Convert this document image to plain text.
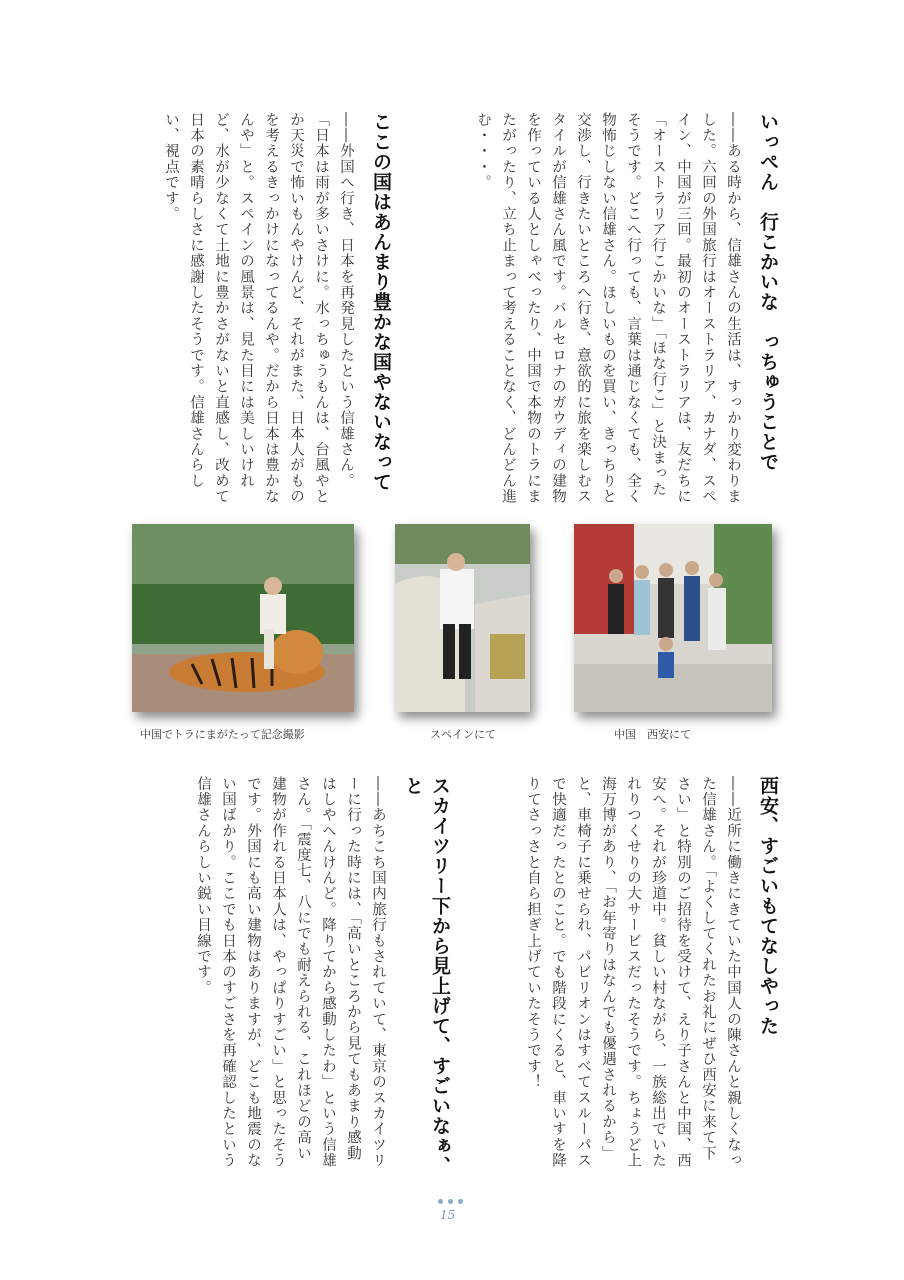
いっぺん　行こかいな　っちゅうことで
――ある時から、信雄さんの生活は、すっかり変わりました。六回の外国旅行はオーストラリア、カナダ、スペイン、中国が三回。最初のオーストラリアは、友だちに「オーストラリア行こかいな」「ほな行こ」と決まったそうです。どこへ行っても、言葉は通じなくても、全く物怖じしない信雄さん。ほしいものを買い、きっちりと交渉し、行きたいところへ行き、意欲的に旅を楽しむスタイルが信雄さん風です。バルセロナのガウディの建物を作っている人としゃべったり、中国で本物のトラにまたがったり、立ち止まって考えることなく、どんどん進む・・・。
ここの国はあんまり豊かな国やないなって
――外国へ行き、日本を再発見したという信雄さん。「日本は雨が多いさけに。水っちゅうもんは、台風やとか天災で怖いもんやけんど、それがまた、日本人がものを考えるきっかけになってるんや。だから日本は豊かなんや」と。スペインの風景は、見た目には美しいけれど、水が少なくて土地に豊かさがないと直感し、改めて日本の素晴らしさに感謝したそうです。信雄さんらしい、視点です。
中国でトラにまがたって記念撮影	スペインにて	中国　西安にて
西安、すごいもてなしやった
――近所に働きにきていた中国人の陳さんと親しくなった信雄さん。「よくしてくれたお礼にぜひ西安に来て下さい」と特別のご招待を受けて、えり子さんと中国、西安へ。それが珍道中。貧しい村ながら、一族総出でいたれりつくせりの大サービスだったそうです。ちょうど上海万博があり、「お年寄りはなんでも優遇されるから」と、車椅子に乗せられ、パビリオンはすべてスルーパスで快適だったとのこと。でも階段にくると、車いすを降りてさっさと自ら担ぎ上げていたそうです！
スカイツリー下から見上げて、すごいなぁ、と
――あちこち国内旅行もされていて、東京のスカイツリーに行った時には、「高いところから見てもあまり感動はしやへんけんど。降りてから感動したわ」という信雄さん。「震度七、八にでも耐えられる、これほどの高い建物が作れる日本人は、やっぱりすごい」と思ったそうです。外国にも高い建物はありますが、どこも地震のない国ばかり。ここでも日本のすごさを再確認したという信雄さんらしい鋭い目線です。
15
